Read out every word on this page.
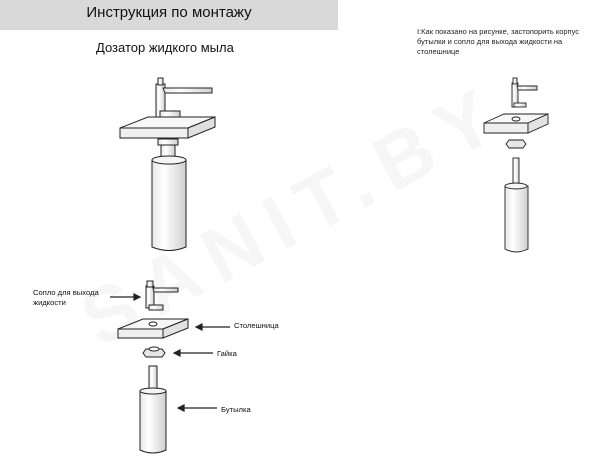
Инструкция по монтажу
Дозатор жидкого мыла
І:Как показано на рисунке, застопорить корпус бутылки и сопло для выхода жидкости на столешнице
Сопло для выхода жидкости
Столешница
Гайка
Бутылка
